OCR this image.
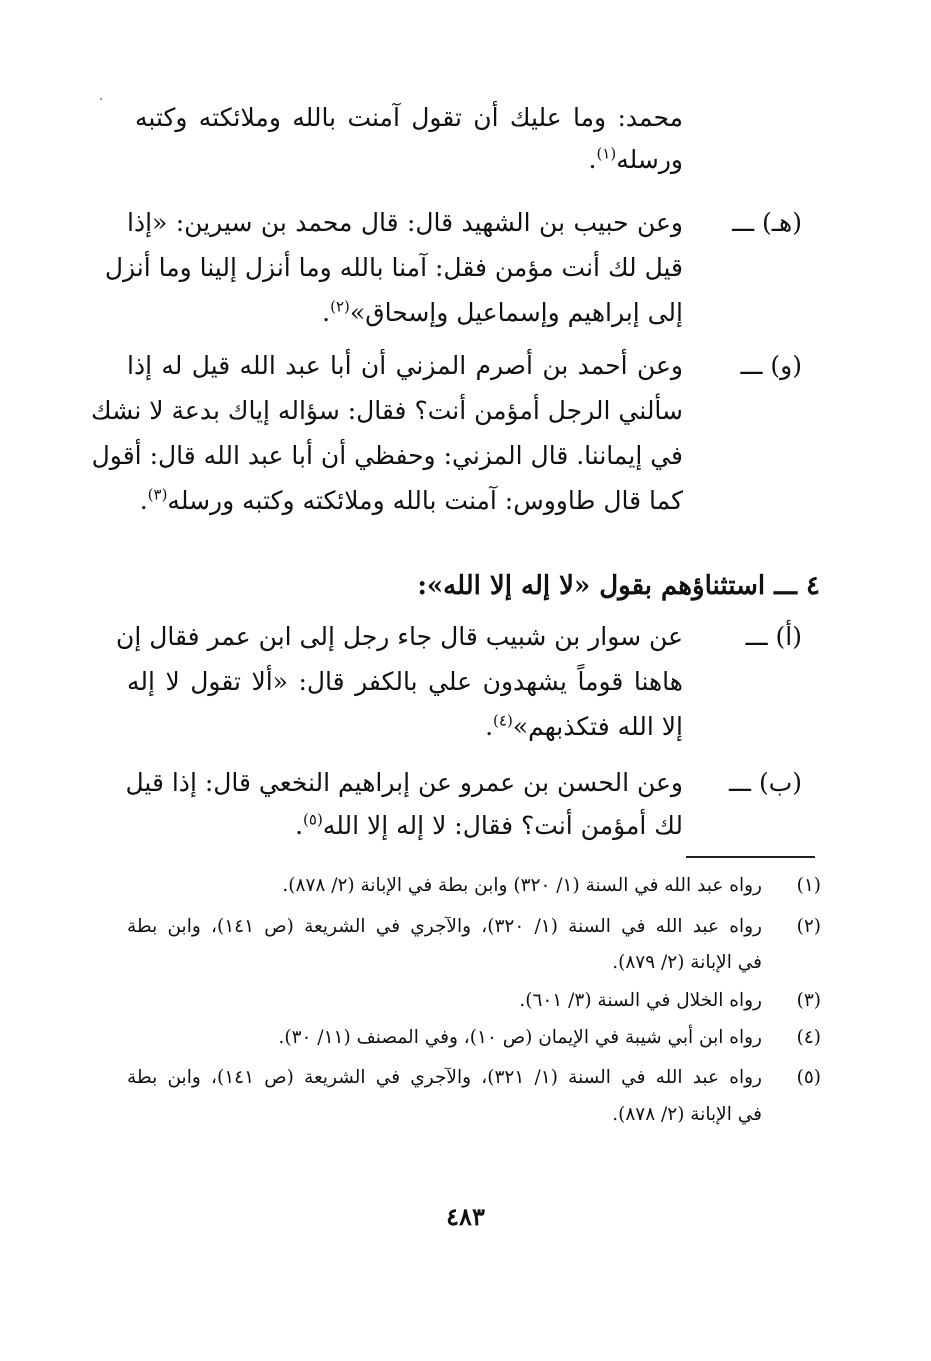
محمد: وما عليك أن تقول آمنت بالله وملائكته وكتبه
ورسله$^{(١)}$.
(هـ) ـــ
وعن حبيب بن الشهيد قال: قال محمد بن سيرين: «إذا
قيل لك أنت مؤمن فقل: آمنا بالله وما أنزل إلينا وما أنزل
إلى إبراهيم وإسماعيل وإسحاق»$^{(٢)}$.
(و) ـــ
وعن أحمد بن أصرم المزني أن أبا عبد الله قيل له إذا
سألني الرجل أمؤمن أنت؟ فقال: سؤاله إياك بدعة لا نشك
في إيماننا. قال المزني: وحفظي أن أبا عبد الله قال: أقول
كما قال طاووس: آمنت بالله وملائكته وكتبه ورسله$^{(٣)}$.
٤ ـــ استثناؤهم بقول «لا إله إلا الله»:
(أ) ـــ
عن سوار بن شبيب قال جاء رجل إلى ابن عمر فقال إن
هاهنا قوماً يشهدون علي بالكفر قال: «ألا تقول لا إله
إلا الله فتكذبهم»$^{(٤)}$.
(ب) ـــ
وعن الحسن بن عمرو عن إبراهيم النخعي قال: إذا قيل
لك أمؤمن أنت؟ فقال: لا إله إلا الله$^{(٥)}$.
(١)
رواه عبد الله في السنة (١/ ٣٢٠) وابن بطة في الإبانة (٢/ ٨٧٨).
(٢)
رواه عبد الله في السنة (١/ ٣٢٠)، والآجري في الشريعة (ص ١٤١)، وابن بطة
في الإبانة (٢/ ٨٧٩).
(٣)
رواه الخلال في السنة (٣/ ٦٠١).
(٤)
رواه ابن أبي شيبة في الإيمان (ص ١٠)، وفي المصنف (١١/ ٣٠).
(٥)
رواه عبد الله في السنة (١/ ٣٢١)، والآجري في الشريعة (ص ١٤١)، وابن بطة
في الإبانة (٢/ ٨٧٨).
٤٨٣
